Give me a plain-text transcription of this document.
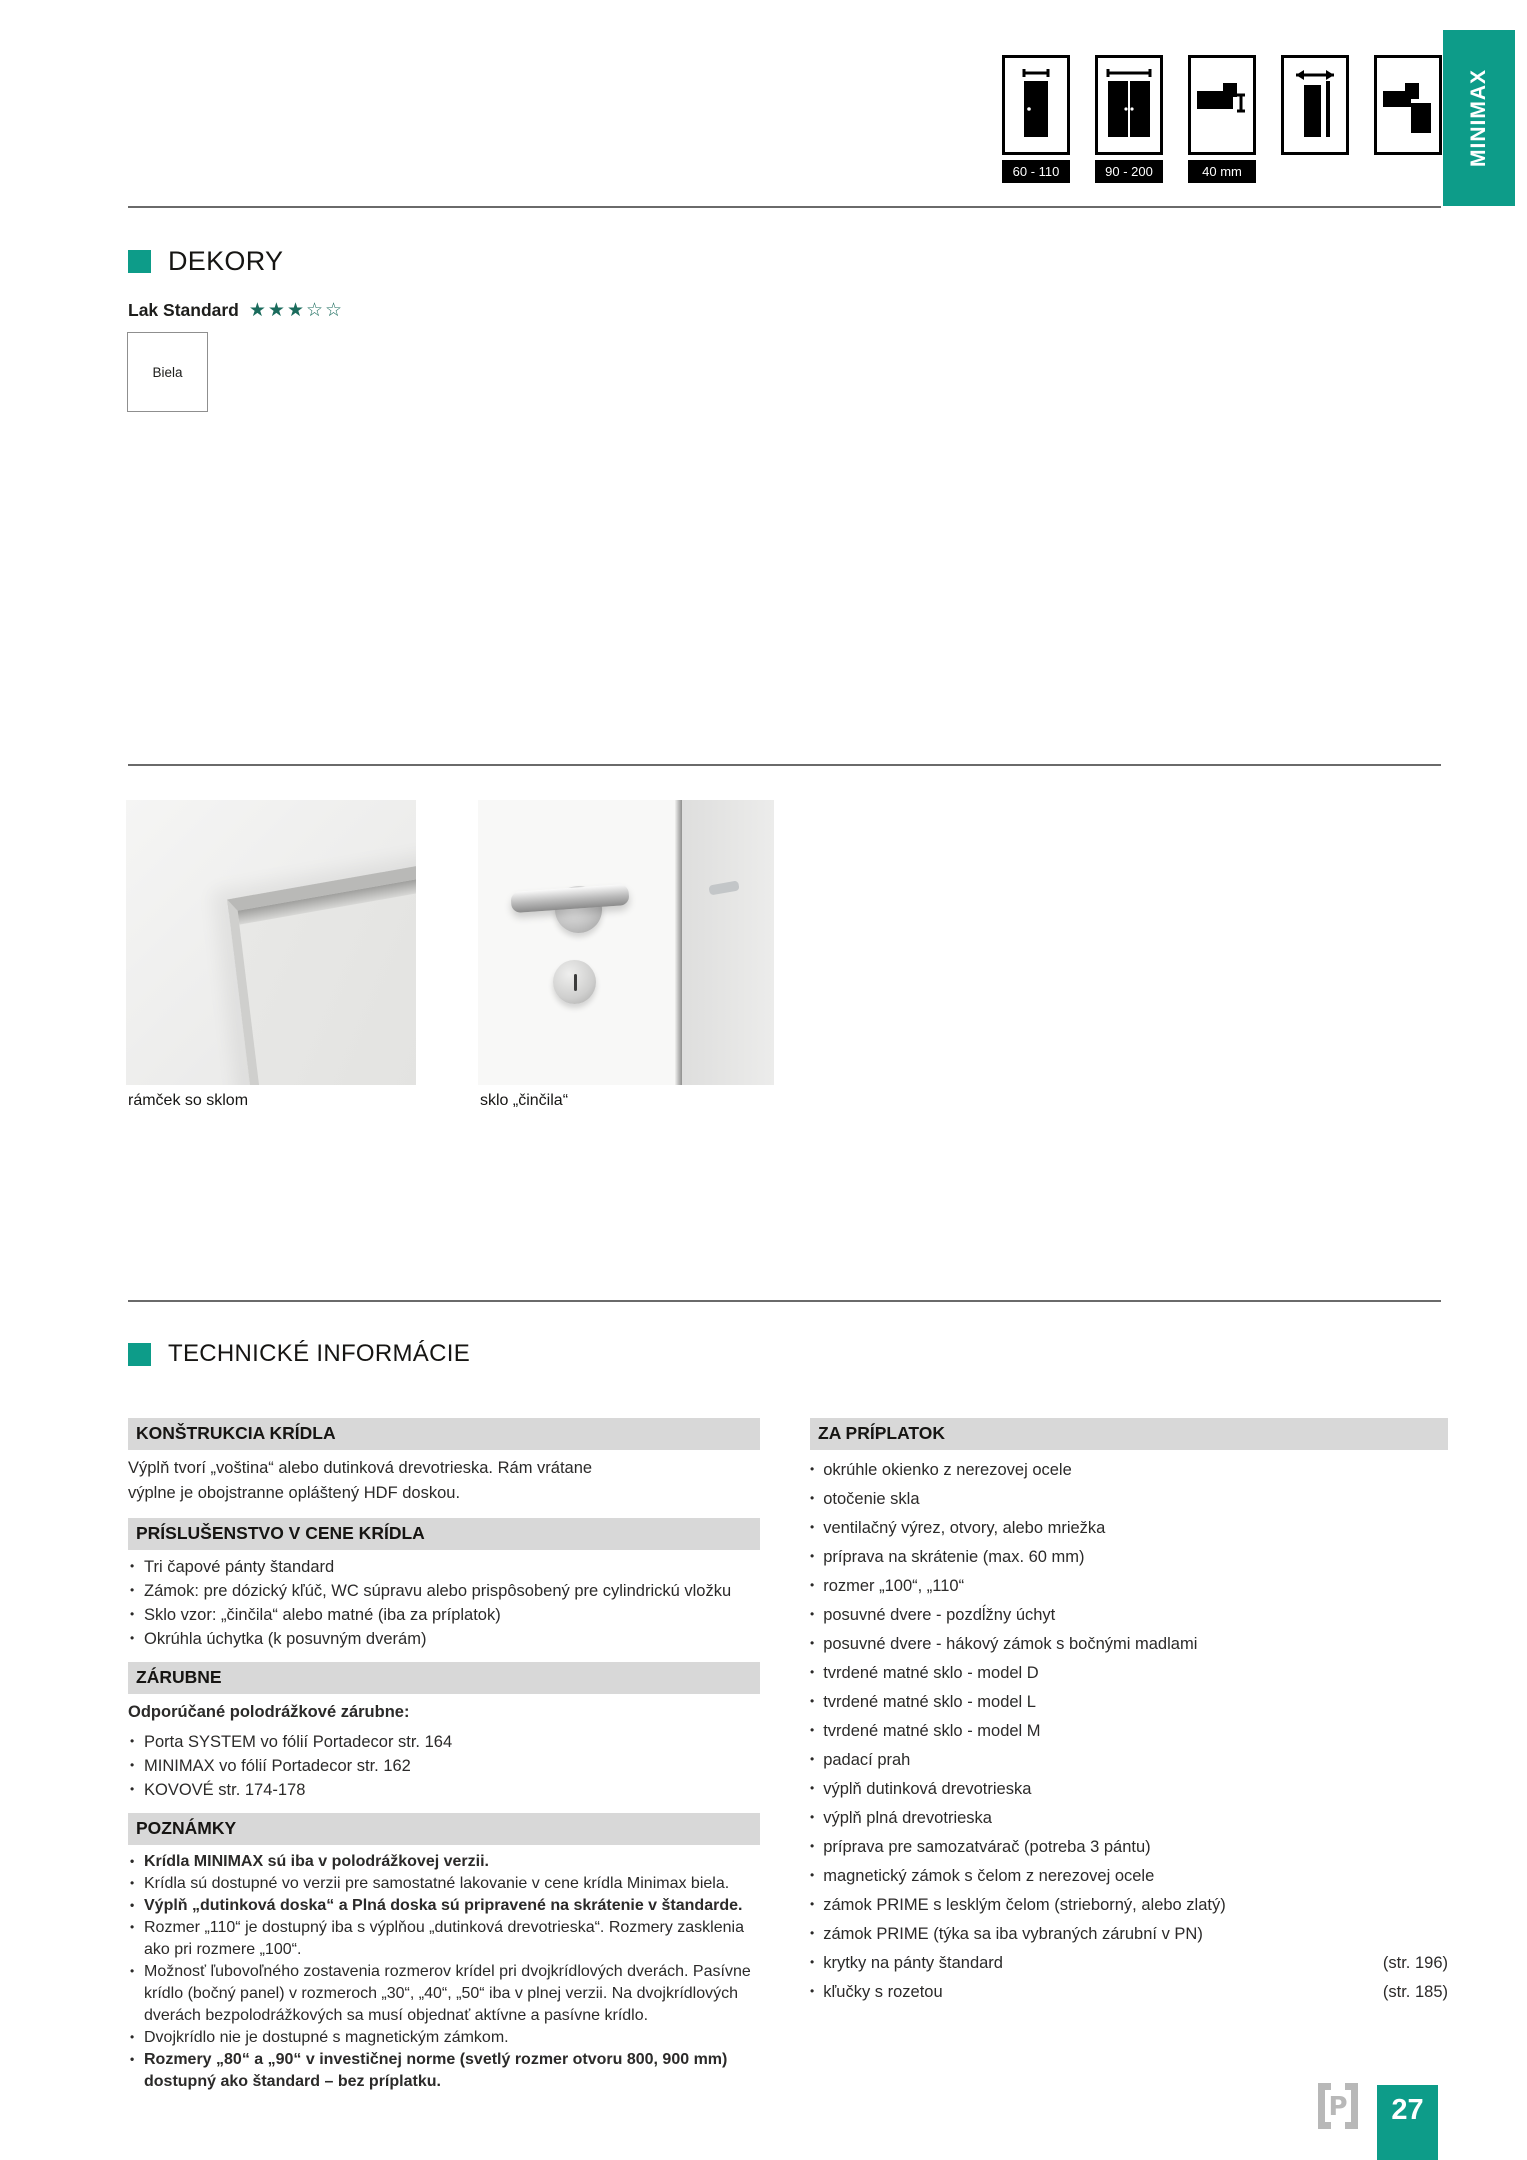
60 - 110	90 - 200	40 mm
MINIMAX
DEKORY
Lak Standard ★★★☆☆
Biela
rámček so sklom	sklo „činčila“
TECHNICKÉ INFORMÁCIE
KONŠTRUKCIA KRÍDLA

Výplň tvorí „voština“ alebo dutinková drevotrieska. Rám vrátane výplne je obojstranne opláštený HDF doskou.

PRÍSLUŠENSTVO V CENE KRÍDLA
• Tri čapové pánty štandard
• Zámok: pre dózický kľúč, WC súpravu alebo prispôsobený pre cylindrickú vložku
• Sklo vzor: „činčila“ alebo matné (iba za príplatok)
• Okrúhla úchytka (k posuvným dverám)
ZÁRUBNE

Odporúčané polodrážkové zárubne:

• Porta SYSTEM vo fólií Portadecor str. 164
• MINIMAX vo fólií Portadecor str. 162
• KOVOVÉ str. 174-178
POZNÁMKY
• Krídla MINIMAX sú iba v polodrážkovej verzii.
• Krídla sú dostupné vo verzii pre samostatné lakovanie v cene krídla Minimax biela.
• Výplň „dutinková doska“ a Plná doska sú pripravené na skrátenie v štandarde.
• Rozmer „110“ je dostupný iba s výplňou „dutinková drevotrieska“. Rozmery zasklenia ako pri rozmere „100“.
• Možnosť ľubovoľného zostavenia rozmerov krídel pri dvojkrídlových dverách. Pasívne krídlo (bočný panel) v rozmeroch „30“, „40“, „50“ iba v plnej verzii. Na dvojkrídlových dverách bezpolodrážkových sa musí objednať aktívne a pasívne krídlo.
• Dvojkrídlo nie je dostupné s magnetickým zámkom.
• Rozmery „80“ a „90“ v investičnej norme (svetlý rozmer otvoru 800, 900 mm) dostupný ako štandard – bez príplatku.
ZA PRÍPLATOK
• okrúhle okienko z nerezovej ocele
• otočenie skla
• ventilačný výrez, otvory, alebo mriežka
• príprava na skrátenie (max. 60 mm)
• rozmer „100“, „110“
• posuvné dvere - pozdĺžny úchyt
• posuvné dvere - hákový zámok s bočnými madlami
• tvrdené matné sklo - model D
• tvrdené matné sklo - model L
• tvrdené matné sklo - model M
• padací prah
• výplň dutinková drevotrieska
• výplň plná drevotrieska
• príprava pre samozatvárač (potreba 3 pántu)
• magnetický zámok s čelom z nerezovej ocele
• zámok PRIME s lesklým čelom (strieborný, alebo zlatý)
• zámok PRIME (týka sa iba vybraných zárubní v PN)
• krytky na pánty štandard	(str. 196)
• kľučky s rozetou	(str. 185)
P 27
